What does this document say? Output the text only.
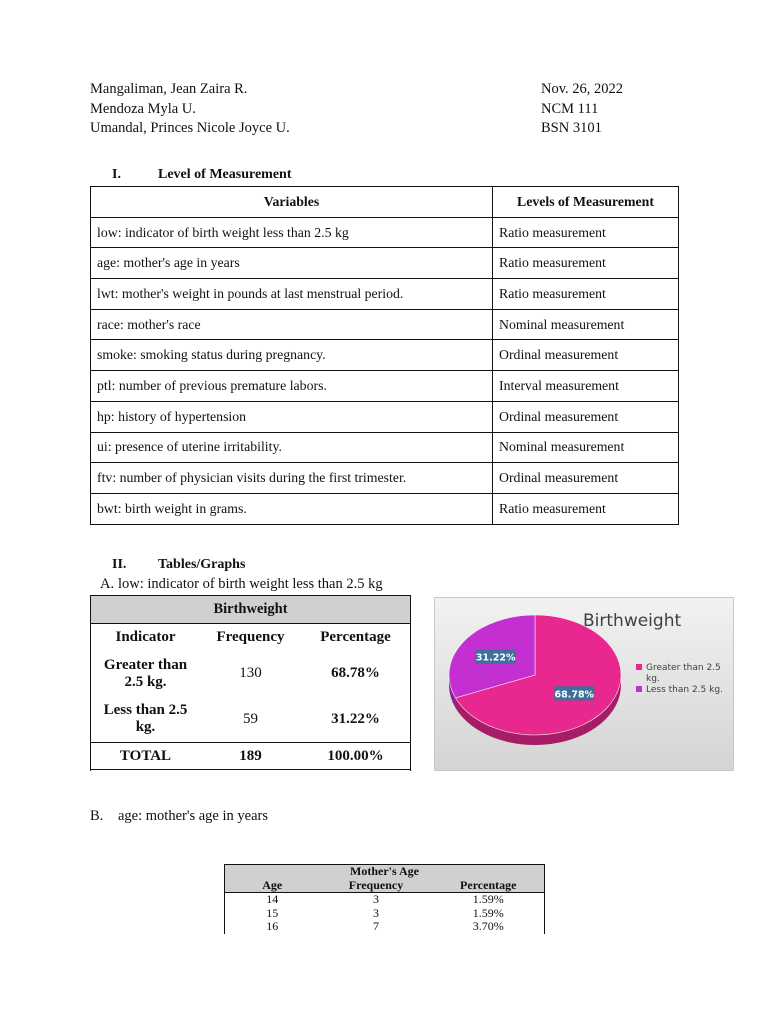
Mangaliman, Jean Zaira R.
Mendoza Myla U.
Umandal, Princes Nicole Joyce U.
Nov. 26, 2022
NCM 111
BSN 3101
I.	Level of Measurement
Variables	Levels of Measurement
low: indicator of birth weight less than 2.5 kg	Ratio measurement
age: mother's age in years	Ratio measurement
lwt: mother's weight in pounds at last menstrual period.	Ratio measurement
race: mother's race	Nominal measurement
smoke: smoking status during pregnancy.	Ordinal measurement
ptl: number of previous premature labors.	Interval measurement
hp: history of hypertension	Ordinal measurement
ui: presence of uterine irritability.	Nominal measurement
ftv: number of physician visits during the first trimester.	Ordinal measurement
bwt: birth weight in grams.	Ratio measurement
II. Tables/Graphs
A. low: indicator of birth weight less than 2.5 kg
Birthweight		
Indicator	Frequency	Percentage

Greater than
2.5 kg.	130	68.78%

Less than 2.5
kg.	59	31.22%
TOTAL	189	100.00%
Birthweight
68.78%
31.22%
Greater than 2.5
kg.
Less than 2.5 kg.
B. age: mother's age in years
Mother's Age		
Age	Frequency	Percentage
14	3	1.59%
15	3	1.59%
16	7	3.70%
